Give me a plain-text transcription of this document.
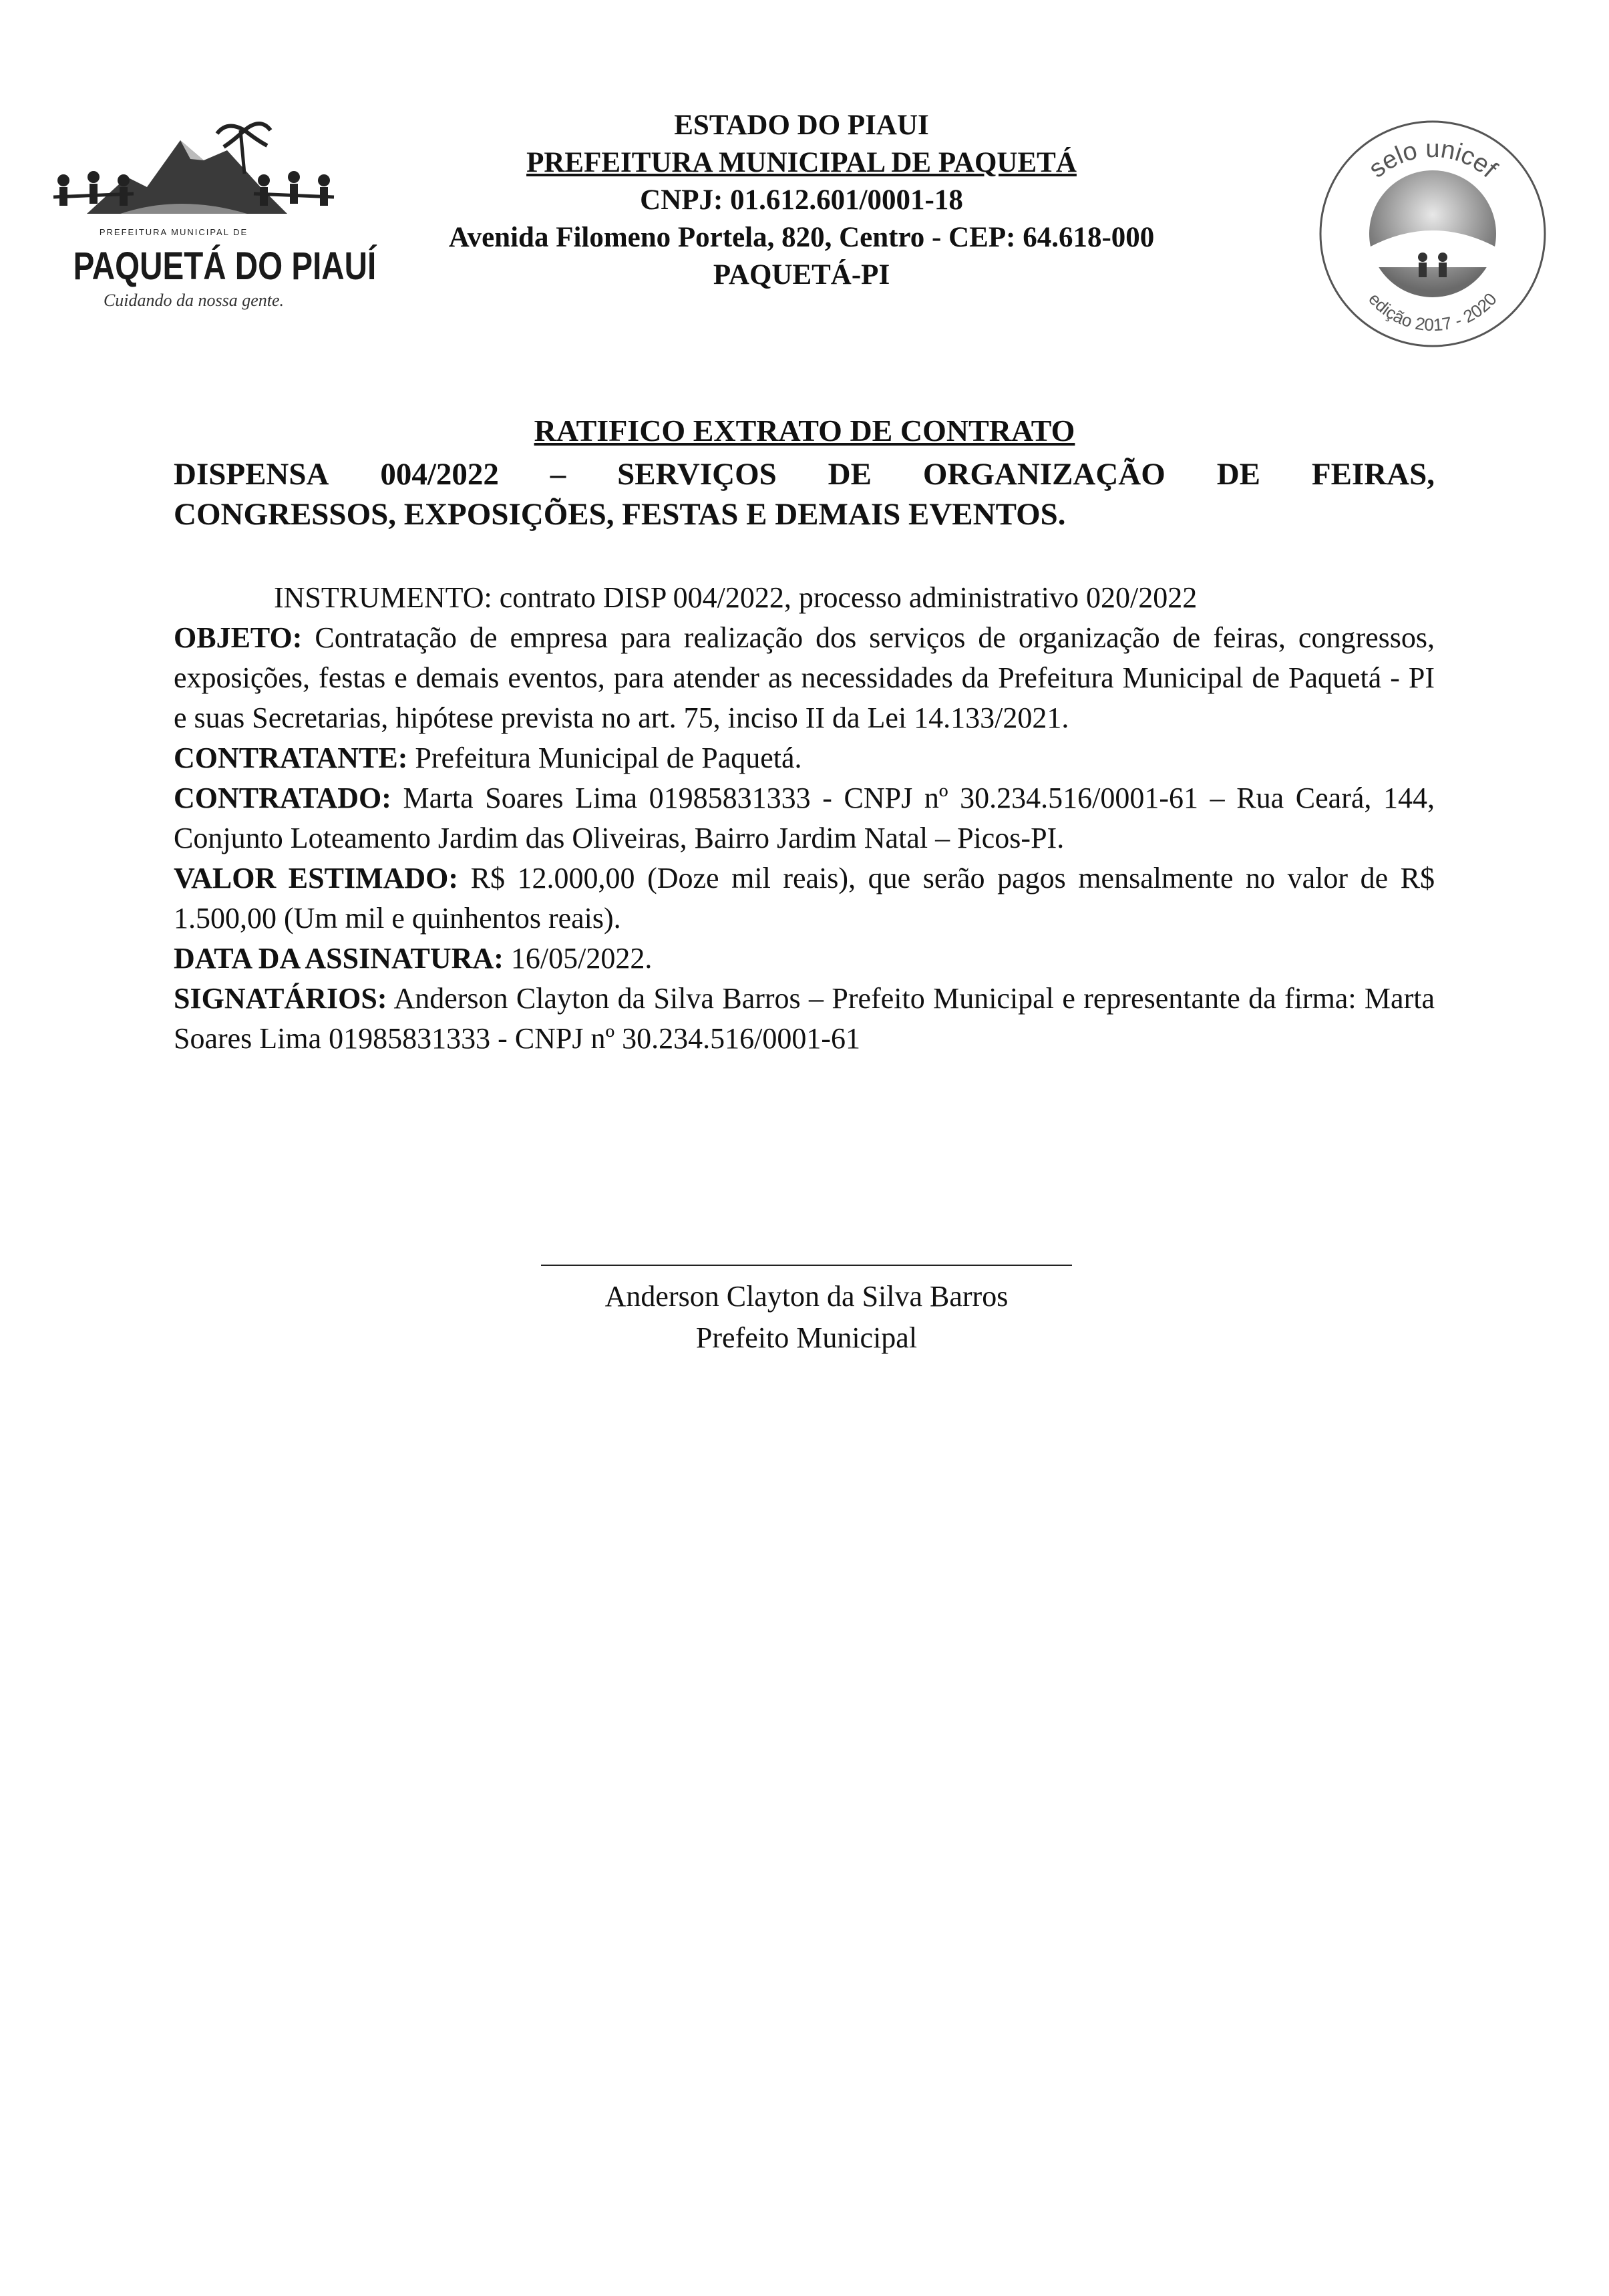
PREFEITURA MUNICIPAL DE
PAQUETÁ DO PIAUÍ
Cuidando da nossa gente.
ESTADO DO PIAUI
PREFEITURA MUNICIPAL DE PAQUETÁ
CNPJ: 01.612.601/0001-18
Avenida Filomeno Portela, 820, Centro - CEP: 64.618-000
PAQUETÁ-PI
selo unicef
edição 2017 - 2020
RATIFICO EXTRATO DE CONTRATO
DISPENSA 004/2022 – SERVIÇOS DE ORGANIZAÇÃO DE FEIRAS,
CONGRESSOS, EXPOSIÇÕES, FESTAS E DEMAIS EVENTOS.

INSTRUMENTO: contrato DISP 004/2022, processo administrativo 020/2022

OBJETO: Contratação de empresa para realização dos serviços de organização de feiras, congressos, exposições, festas e demais eventos, para atender as necessidades da Prefeitura Municipal de Paquetá - PI e suas Secretarias, hipótese prevista no art. 75, inciso II da Lei 14.133/2021.

CONTRATANTE: Prefeitura Municipal de Paquetá.

CONTRATADO: Marta Soares Lima 01985831333 - CNPJ nº 30.234.516/0001-61 – Rua Ceará, 144, Conjunto Loteamento Jardim das Oliveiras, Bairro Jardim Natal – Picos-PI.

VALOR ESTIMADO: R$ 12.000,00 (Doze mil reais), que serão pagos mensalmente no valor de R$ 1.500,00 (Um mil e quinhentos reais).

DATA DA ASSINATURA: 16/05/2022.

SIGNATÁRIOS: Anderson Clayton da Silva Barros – Prefeito Municipal e representante da firma: Marta Soares Lima 01985831333 - CNPJ nº 30.234.516/0001-61

Anderson Clayton da Silva Barros
Prefeito Municipal
